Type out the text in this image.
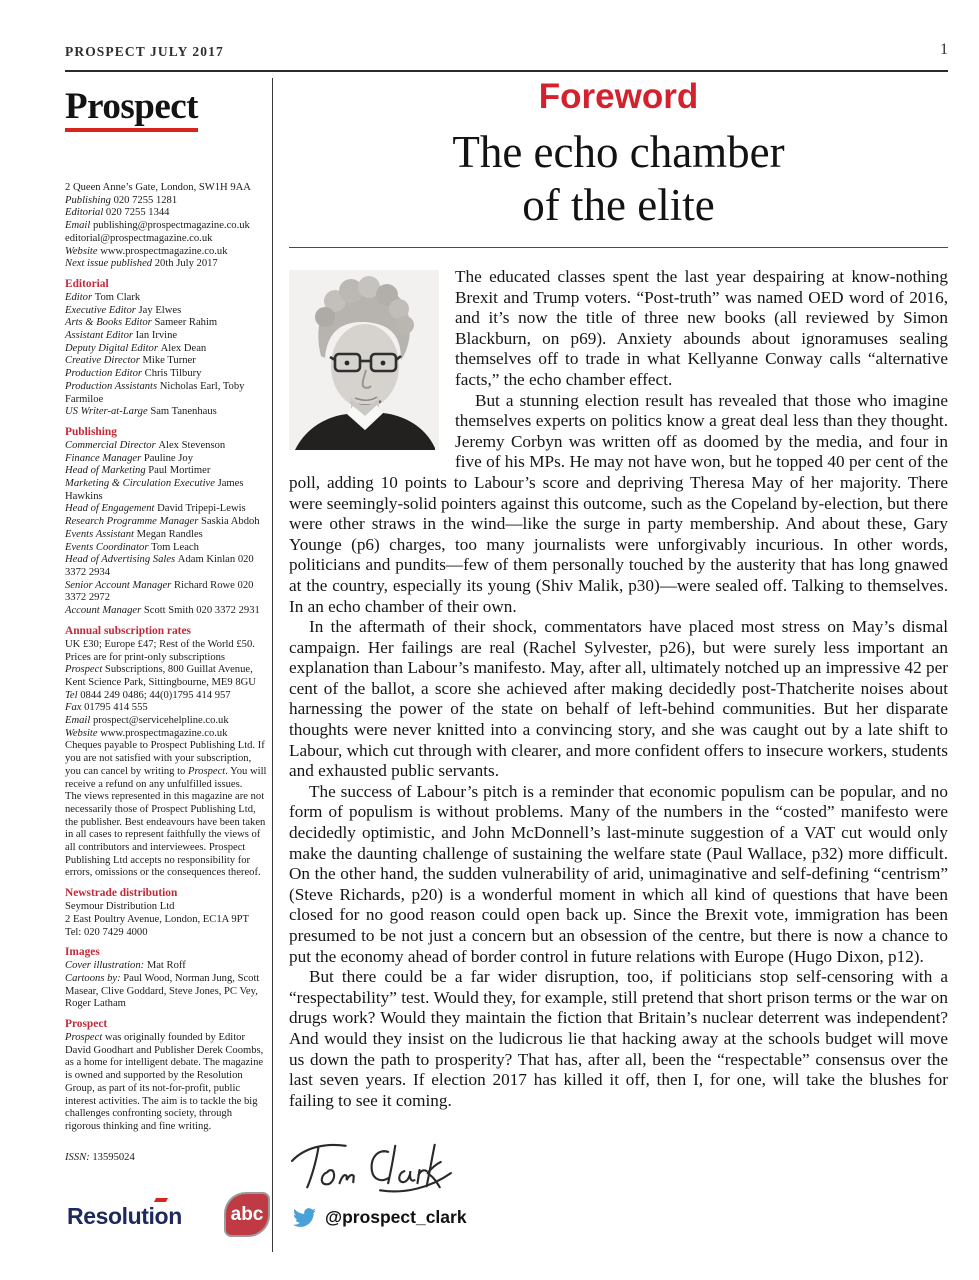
PROSPECT JULY 2017	1
Prospect
2 Queen Anne’s Gate, London, SW1H 9AA
Publishing 020 7255 1281
Editorial 020 7255 1344
Email publishing@prospectmagazine.co.uk
editorial@prospectmagazine.co.uk
Website www.prospectmagazine.co.uk
Next issue published 20th July 2017
Editorial
Editor Tom Clark
Executive Editor Jay Elwes
Arts & Books Editor Sameer Rahim
Assistant Editor Ian Irvine
Deputy Digital Editor Alex Dean
Creative Director Mike Turner
Production Editor Chris Tilbury
Production Assistants Nicholas Earl, Toby Farmiloe
US Writer-at-Large Sam Tanenhaus
Publishing
Commercial Director Alex Stevenson
Finance Manager Pauline Joy
Head of Marketing Paul Mortimer
Marketing & Circulation Executive James Hawkins
Head of Engagement David Tripepi-Lewis
Research Programme Manager Saskia Abdoh
Events Assistant Megan Randles
Events Coordinator Tom Leach
Head of Advertising Sales Adam Kinlan 020 3372 2934
Senior Account Manager Richard Rowe 020 3372 2972
Account Manager Scott Smith 020 3372 2931
Annual subscription rates
UK £30; Europe £47; Rest of the World £50. Prices are for print-only subscriptions
Prospect Subscriptions, 800 Guillat Avenue, Kent Science Park, Sittingbourne, ME9 8GU
Tel 0844 249 0486; 44(0)1795 414 957
Fax 01795 414 555
Email prospect@servicehelpline.co.uk
Website www.prospectmagazine.co.uk
Cheques payable to Prospect Publishing Ltd. If you are not satisfied with your subscription, you can cancel by writing to Prospect. You will receive a refund on any unfulfilled issues.
The views represented in this magazine are not necessarily those of Prospect Publishing Ltd, the publisher. Best endeavours have been taken in all cases to represent faithfully the views of all contributors and interviewees. Prospect Publishing Ltd accepts no responsibility for errors, omissions or the consequences thereof.
Newstrade distribution
Seymour Distribution Ltd
2 East Poultry Avenue, London, EC1A 9PT
Tel: 020 7429 4000
Images
Cover illustration: Mat Roff
Cartoons by: Paul Wood, Norman Jung, Scott Masear, Clive Goddard, Steve Jones, PC Vey, Roger Latham
Prospect
Prospect was originally founded by Editor David Goodhart and Publisher Derek Coombs, as a home for intelligent debate. The magazine is owned and supported by the Resolution Group, as part of its not-for-profit, public interest activities. The aim is to tackle the big challenges confronting society, through rigorous thinking and fine writing.
ISSN: 13595024
Foreword
The echo chamber
of the elite

The educated classes spent the last year despairing at know-nothing Brexit and Trump voters. “Post-truth” was named OED word of 2016, and it’s now the title of three new books (all reviewed by Simon Blackburn, on p69). Anxiety abounds about ignoramuses sealing themselves off to trade in what Kellyanne Conway calls “alternative facts,” the echo chamber effect.

But a stunning election result has revealed that those who imagine themselves experts on politics know a great deal less than they thought. Jeremy Corbyn was written off as doomed by the media, and four in five of his MPs. He may not have won, but he topped 40 per cent of the poll, adding 10 points to Labour’s score and depriving Theresa May of her majority. There were seemingly-solid pointers against this outcome, such as the Copeland by-election, but there were other straws in the wind—like the surge in party membership. And about these, Gary Younge (p6) charges, too many journalists were unforgivably incurious. In other words, politicians and pundits—few of them personally touched by the austerity that has long gnawed at the country, especially its young (Shiv Malik, p30)—were sealed off. Talking to themselves. In an echo chamber of their own.

In the aftermath of their shock, commentators have placed most stress on May’s dismal campaign. Her failings are real (Rachel Sylvester, p26), but were surely less important an explanation than Labour’s manifesto. May, after all, ultimately notched up an impressive 42 per cent of the ballot, a score she achieved after making decidedly post-Thatcherite noises about harnessing the power of the state on behalf of left-behind communities. But her disparate thoughts were never knitted into a convincing story, and she was caught out by a late shift to Labour, which cut through with clearer, and more confident offers to insecure workers, students and exhausted public servants.

The success of Labour’s pitch is a reminder that economic populism can be popular, and no form of populism is without problems. Many of the numbers in the “costed” manifesto were decidedly optimistic, and John McDonnell’s last-minute suggestion of a VAT cut would only make the daunting challenge of sustaining the welfare state (Paul Wallace, p32) more difficult. On the other hand, the sudden vulnerability of arid, unimaginative and self-defining “centrism” (Steve Richards, p20) is a wonderful moment in which all kind of questions that have been closed for no good reason could open back up. Since the Brexit vote, immigration has been presumed to be not just a concern but an obsession of the centre, but there is now a chance to put the economy ahead of border control in future relations with Europe (Hugo Dixon, p12).

But there could be a far wider disruption, too, if politicians stop self-censoring with a “respectability” test. Would they, for example, still pretend that short prison terms or the war on drugs work? Would they maintain the fiction that Britain’s nuclear deterrent was independent? And would they insist on the ludicrous lie that hacking away at the schools budget will move us down the path to prosperity? That has, after all, been the “respectable” consensus over the last seven years. If election 2017 has killed it off, then I, for one, will take the blushes for failing to see it coming.

@prospect_clark
Resolutio
n	abc
